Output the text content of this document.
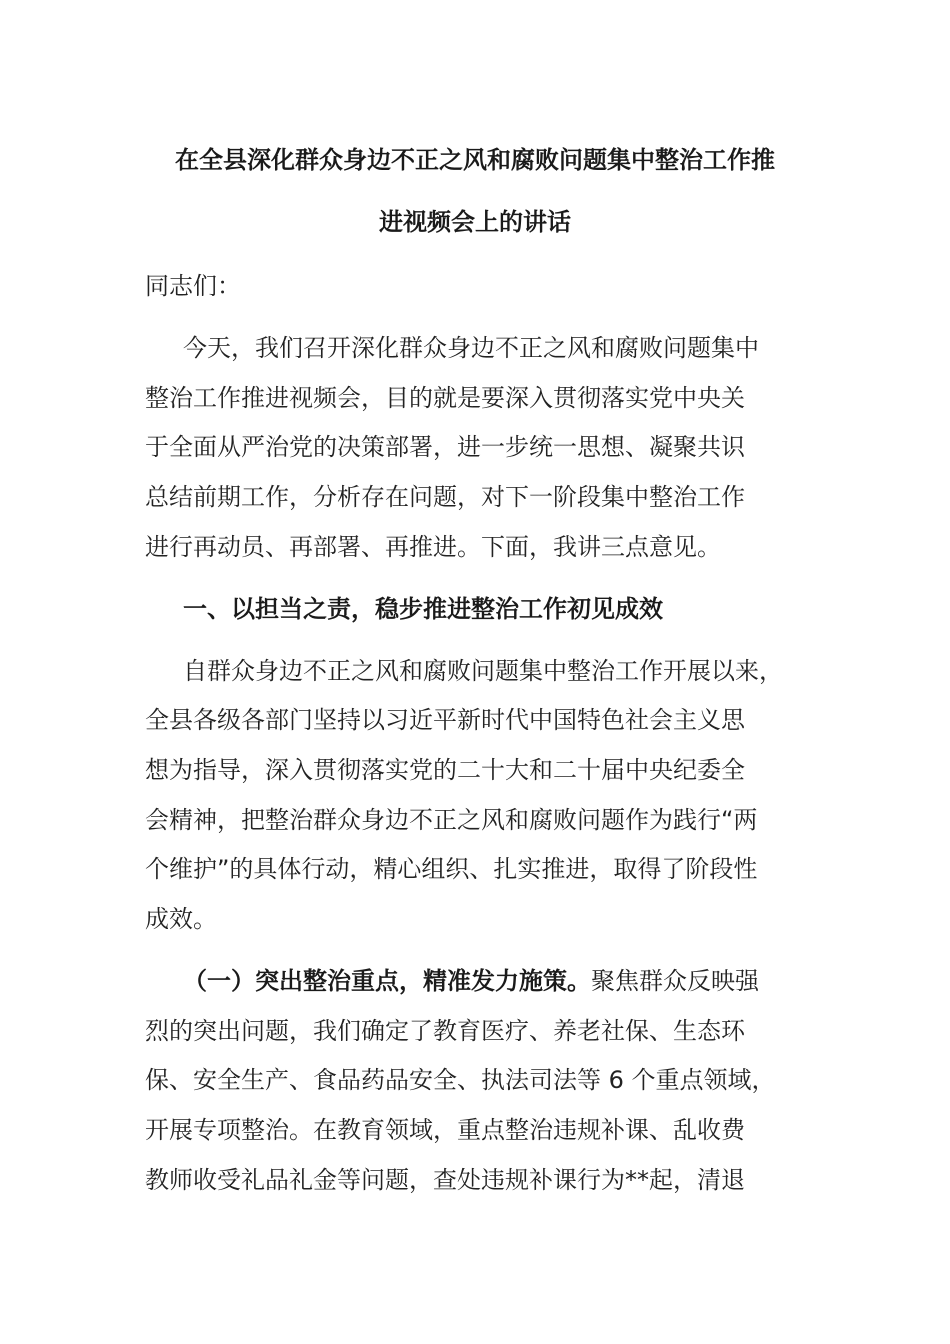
在全县深化群众身边不正之风和腐败问题集中整治工作推
进视频会上的讲话
同志们：
今天，我们召开深化群众身边不正之风和腐败问题集中
整治工作推进视频会，目的就是要深入贯彻落实党中央关
于全面从严治党的决策部署，进一步统一思想、凝聚共识
总结前期工作，分析存在问题，对下一阶段集中整治工作
进行再动员、再部署、再推进。下面，我讲三点意见。
一、以担当之责，稳步推进整治工作初见成效
自群众身边不正之风和腐败问题集中整治工作开展以来，
全县各级各部门坚持以习近平新时代中国特色社会主义思
想为指导，深入贯彻落实党的二十大和二十届中央纪委全
会精神，把整治群众身边不正之风和腐败问题作为践行“两
个维护”的具体行动，精心组织、扎实推进，取得了阶段性
成效。
（一）突出整治重点，精准发力施策。聚焦群众反映强
烈的突出问题，我们确定了教育医疗、养老社保、生态环
保、安全生产、食品药品安全、执法司法等 6 个重点领域，
开展专项整治。在教育领域，重点整治违规补课、乱收费
教师收受礼品礼金等问题，查处违规补课行为**起，清退
